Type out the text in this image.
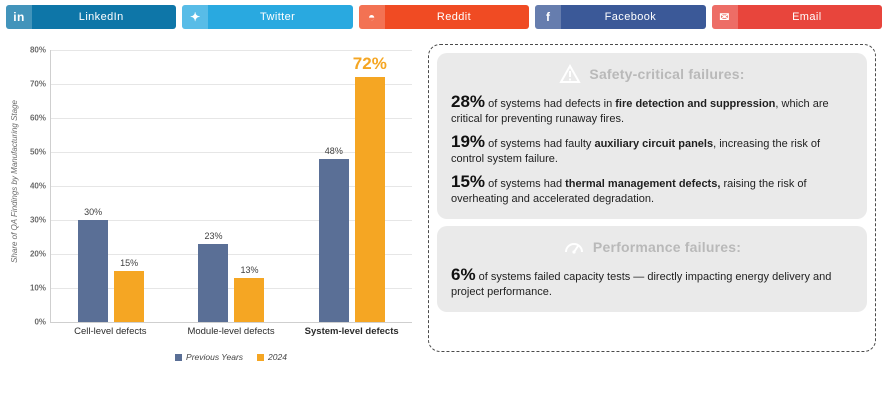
in	LinkedIn	✦	Twitter	◓	Reddit	f	Facebook	✉	Email
Share of QA Findings by Manufacturing Stage
80%
70%
60%
50%
40%
30%
20%
10%
0%
30%
15%
23%
13%
48%
72%
Cell-level defects	Module-level defects	System-level defects
Previous Years	2024
Safety-critical failures:

28% of systems had defects in fire detection and suppression, which are critical for preventing runaway fires.

19% of systems had faulty auxiliary circuit panels, increasing the risk of control system failure.

15% of systems had thermal management defects, raising the risk of overheating and accelerated degradation.

Performance failures:

6% of systems failed capacity tests — directly impacting energy delivery and project performance.
